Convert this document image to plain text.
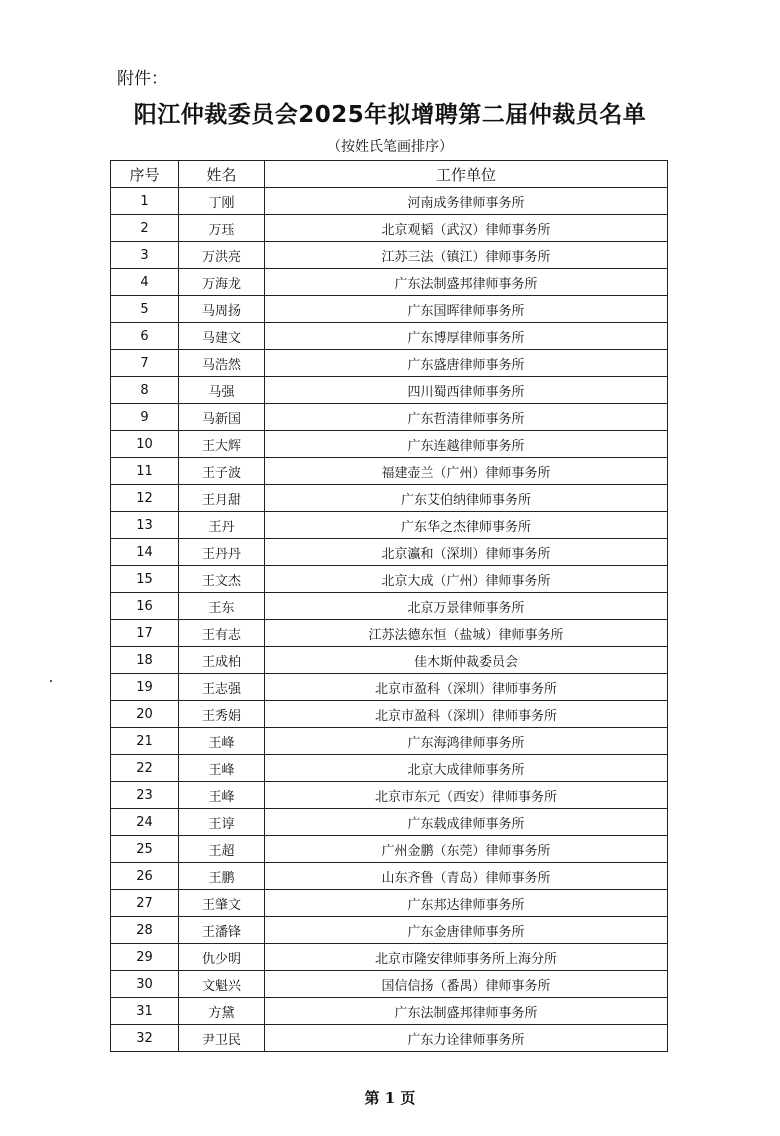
附件：
阳江仲裁委员会2025年拟增聘第二届仲裁员名单
（按姓氏笔画排序）
序号	姓名	工作单位
1	丁刚	河南成务律师事务所
2	万珏	北京观韬（武汉）律师事务所
3	万洪亮	江苏三法（镇江）律师事务所
4	万海龙	广东法制盛邦律师事务所
5	马周扬	广东国晖律师事务所
6	马建文	广东博厚律师事务所
7	马浩然	广东盛唐律师事务所
8	马强	四川蜀西律师事务所
9	马新国	广东哲清律师事务所
10	王大辉	广东连越律师事务所
11	王子波	福建壶兰（广州）律师事务所
12	王月甜	广东艾伯纳律师事务所
13	王丹	广东华之杰律师事务所
14	王丹丹	北京瀛和（深圳）律师事务所
15	王文杰	北京大成（广州）律师事务所
16	王东	北京万景律师事务所
17	王有志	江苏法德东恒（盐城）律师事务所
18	王成柏	佳木斯仲裁委员会
19	王志强	北京市盈科（深圳）律师事务所
20	王秀娟	北京市盈科（深圳）律师事务所
21	王峰	广东海鸿律师事务所
22	王峰	北京大成律师事务所
23	王峰	北京市东元（西安）律师事务所
24	王谆	广东载成律师事务所
25	王超	广州金鹏（东莞）律师事务所
26	王鹏	山东齐鲁（青岛）律师事务所
27	王肇文	广东邦达律师事务所
28	王潘锋	广东金唐律师事务所
29	仇少明	北京市隆安律师事务所上海分所
30	文魁兴	国信信扬（番禺）律师事务所
31	方黛	广东法制盛邦律师事务所
32	尹卫民	广东力诠律师事务所
第 1 页
